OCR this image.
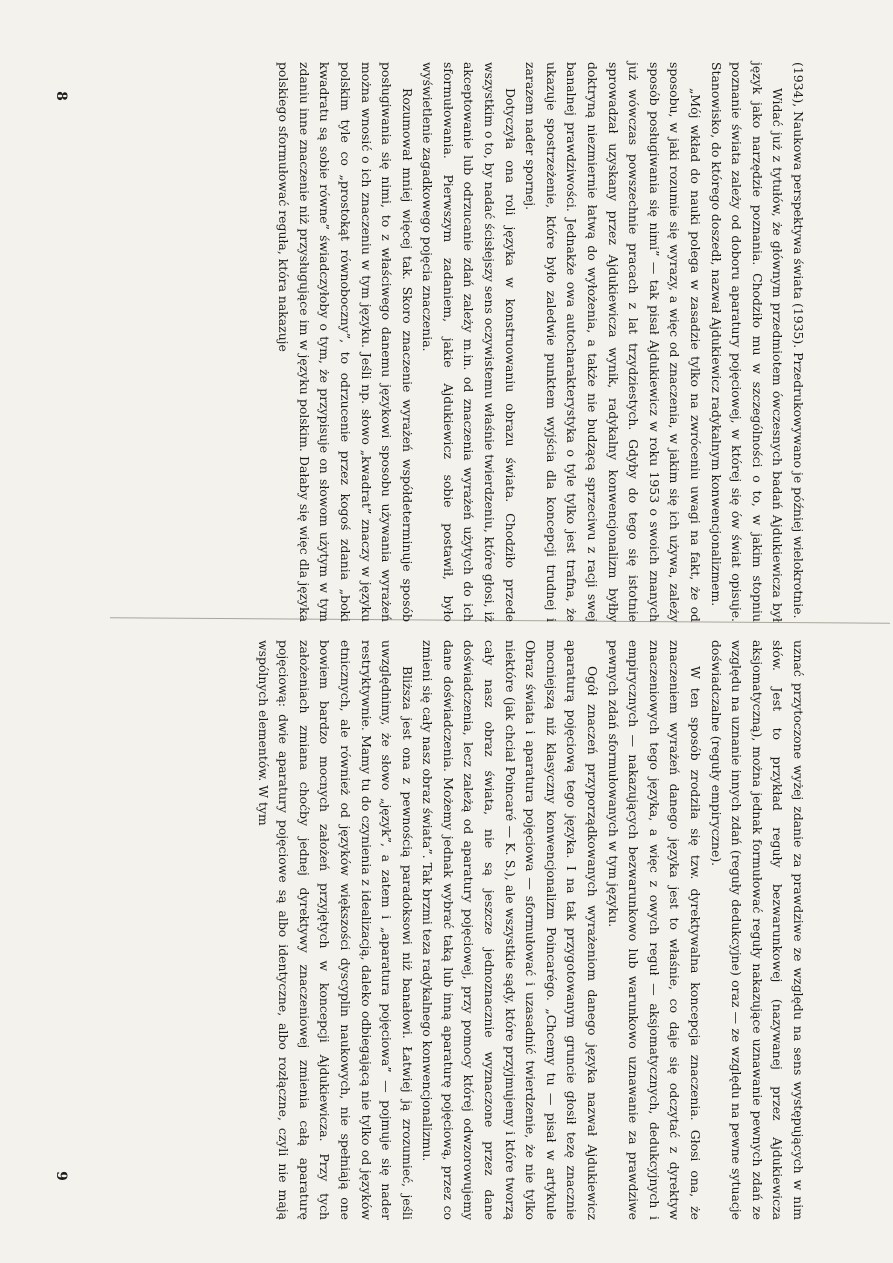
8	(1934), Naukowa perspektywa świata (1935). Przedrukowywano je później wielokrotnie.

Widać już z tytułów, że głównym przedmiotem ówczesnych badań Ajdukiewicza był język jako narzędzie poznania. Chodziło mu w szczególności o to, w jakim stopniu poznanie świata zależy od doboru aparatury pojęciowej, w której się ów świat opisuje. Stanowisko, do którego doszedł, nazwał Ajdukiewicz radykalnym konwencjonalizmem.

„Mój wkład do nauki polega w zasadzie tylko na zwróceniu uwagi na fakt, że od sposobu, w jaki rozumie się wyrazy, a więc od znaczenia, w jakim się ich używa, zależy sposób posługiwania się nimi” — tak pisał Ajdukiewicz w roku 1953 o swoich znanych już wówczas powszechnie pracach z lat trzydziestych. Gdyby do tego się istotnie sprowadzał uzyskany przez Ajdukiewicza wynik, radykalny konwencjonalizm byłby doktryną niezmiernie łatwą do wyłożenia, a także nie budzącą sprzeciwu z racji swej banalnej prawdziwości. Jednakże owa autocharakterystyka o tyle tylko jest trafna, że ukazuje spostrzeżenie, które było zaledwie punktem wyjścia dla koncepcji trudnej i zarazem nader spornej.

Dotyczyła ona roli języka w konstruowaniu obrazu świata. Chodziło przede wszystkim o to, by nadać ścisłejszy sens oczywistemu właśnie twierdzeniu, które głosi, iż akceptowanie lub odrzucanie zdań zależy m.in. od znaczenia wyrażeń użytych do ich sformułowania. Pierwszym zadaniem, jakie Ajdukiewicz sobie postawił, było wyświetlenie zagadkowego pojęcia znaczenia.

Rozumował mniej więcej tak. Skoro znaczenie wyrażeń współdeterminuje sposób posługiwania się nimi, to z właściwego danemu językowi sposobu używania wyrażeń można wnosić o ich znaczeniu w tym języku. Jeśli np. słowo „kwadrat” znaczy w języku polskim tyle co „prostokąt równoboczny”, to odrzucenie przez kogoś zdania „boki kwadratu są sobie równe” świadczyłoby o tym, że przypisuje on słowom użytym w tym zdaniu inne znaczenie niż przysługujące im w języku polskim. Dałaby się więc dla języka polskiego sformułować reguła, która nakazuje

9	uznać przytoczone wyżej zdanie za prawdziwe ze względu na sens występujących w nim słów. Jest to przykład reguły bezwarunkowej (nazywanej przez Ajdukiewicza aksjomatyczną), można jednak formułować reguły nakazujące uznawanie pewnych zdań ze względu na uznanie innych zdań (reguły dedukcyjne) oraz — ze względu na pewne sytuacje doświadczalne (reguły empiryczne).

W ten sposób zrodziła się tzw. dyrektywalna koncepcja znaczenia. Głosi ona, że znaczeniem wyrażeń danego języka jest to właśnie, co daje się odczytać z dyrektyw znaczeniowych tego języka, a więc z owych reguł — aksjomatycznych, dedukcyjnych i empirycznych — nakazujących bezwarunkowo lub warunkowo uznawanie za prawdziwe pewnych zdań sformułowanych w tym języku.

Ogół znaczeń przyporządkowanych wyrażeniom danego języka nazwał Ajdukiewicz aparaturą pojęciową tego języka. I na tak przygotowanym gruncie głosił tezę znacznie mocniejszą niż klasyczny konwencjonalizm Poincarégo. „Chcemy tu — pisał w artykule Obraz świata i aparatura pojęciowa — sformułować i uzasadnić twierdzenie, że nie tylko niektóre (jak chciał Poincaré — K. S.), ale wszystkie sądy, które przyjmujemy i które tworzą cały nasz obraz świata, nie są jeszcze jednoznacznie wyznaczone przez dane doświadczenia, lecz zależą od aparatury pojęciowej, przy pomocy której odwzorowujemy dane doświadczenia. Możemy jednak wybrać taką lub inną aparaturę pojęciową, przez co zmieni się cały nasz obraz świata”. Tak brzmi teza radykalnego konwencjonalizmu.

Bliższa jest ona z pewnością paradoksowi niż banałowi. Łatwiej ją zrozumieć, jeśli uwzględnimy, że słowo „język”, a zatem i „aparatura pojęciowa” — pojmuje się nader restryktywnie. Mamy tu do czynienia z idealizacją, daleko odbiegającą nie tylko od języków etnicznych, ale również od języków większości dyscyplin naukowych, nie spełniają one bowiem bardzo mocnych założeń przyjętych w koncepcji Ajdukiewicza. Przy tych założeniach zmiana choćby jednej dyrektywy znaczeniowej zmienia całą aparaturę pojęciową: dwie aparatury pojęciowe są albo identyczne, albo rozłączne, czyli nie mają wspólnych elementów. W tym
